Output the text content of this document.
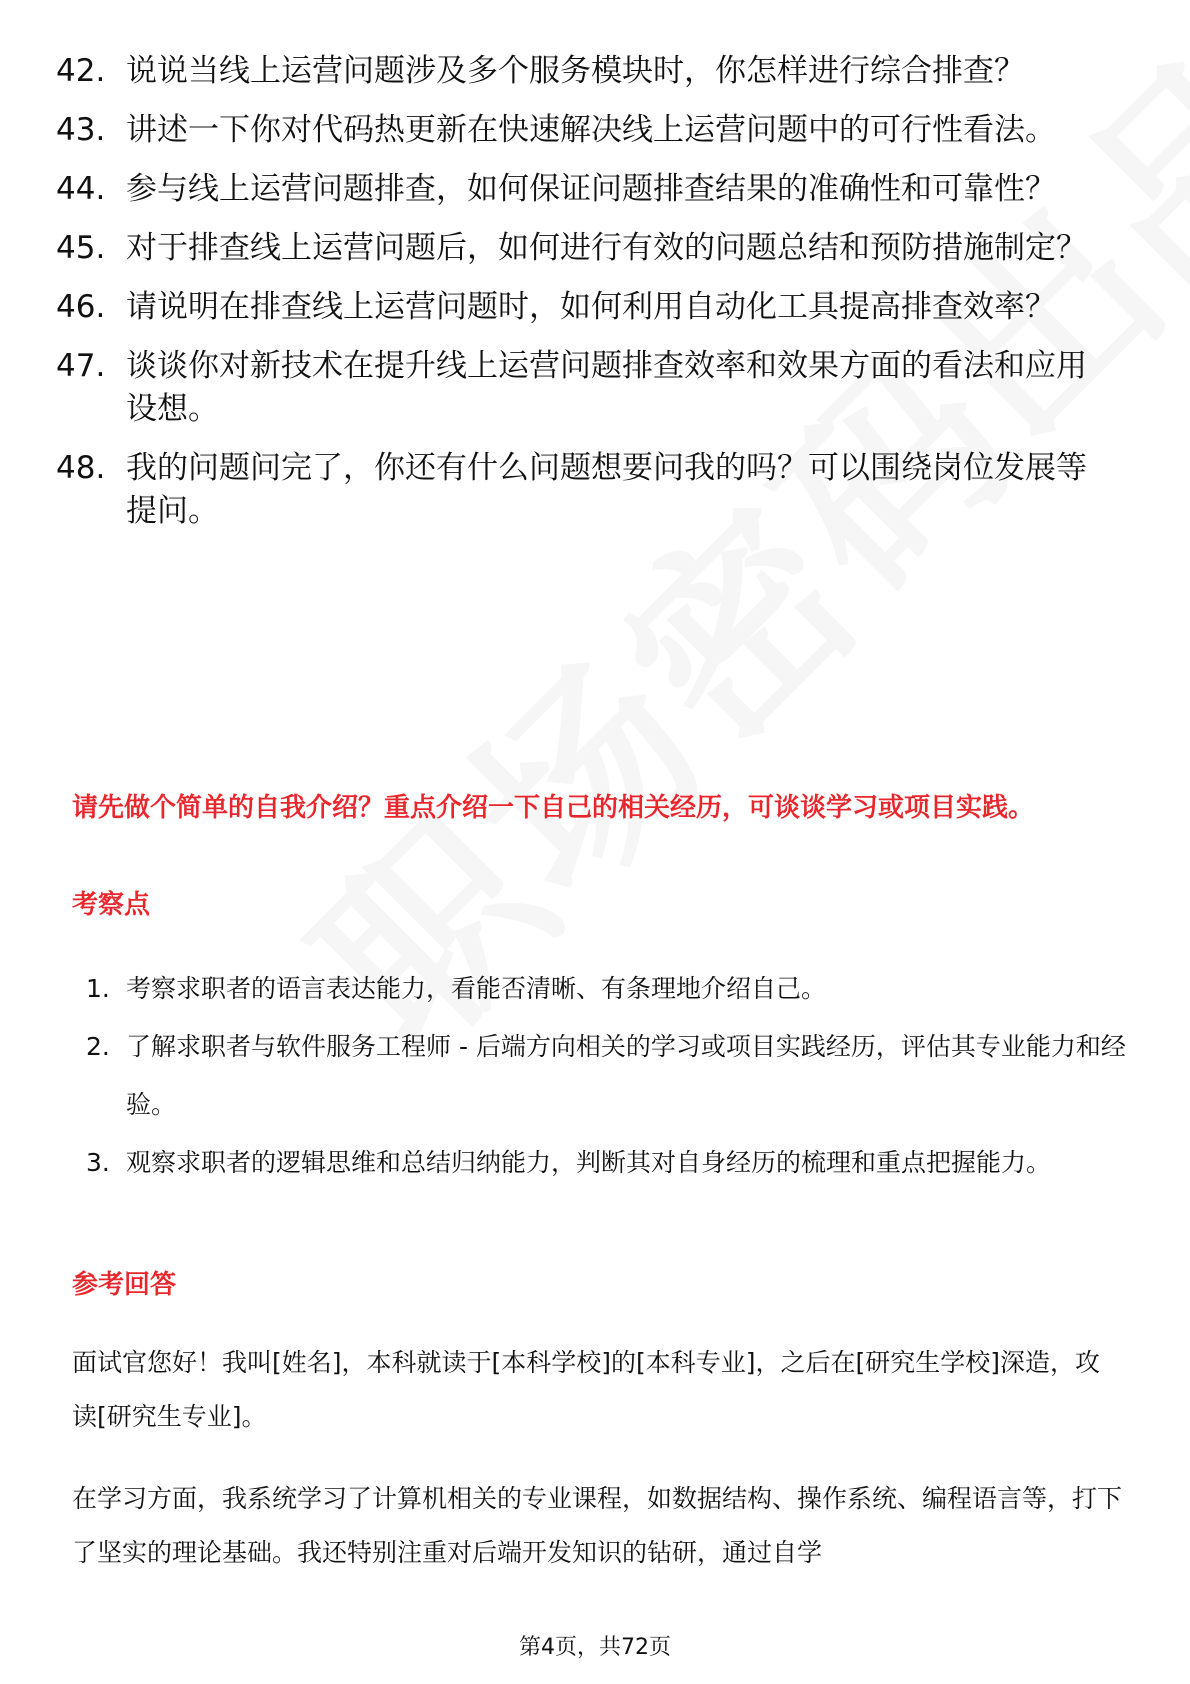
42. 说说当线上运营问题涉及多个服务模块时，你怎样进行综合排查？
43. 讲述一下你对代码热更新在快速解决线上运营问题中的可行性看法。
44. 参与线上运营问题排查，如何保证问题排查结果的准确性和可靠性？
45. 对于排查线上运营问题后，如何进行有效的问题总结和预防措施制定？
46. 请说明在排查线上运营问题时，如何利用自动化工具提高排查效率？
47. 谈谈你对新技术在提升线上运营问题排查效率和效果方面的看法和应用设想。
48. 我的问题问完了，你还有什么问题想要问我的吗？可以围绕岗位发展等提问。
请先做个简单的自我介绍？重点介绍一下自己的相关经历，可谈谈学习或项目实践。
考察点
1. 考察求职者的语言表达能力，看能否清晰、有条理地介绍自己。
2. 了解求职者与软件服务工程师 - 后端方向相关的学习或项目实践经历，评估其专业能力和经验。
3. 观察求职者的逻辑思维和总结归纳能力，判断其对自身经历的梳理和重点把握能力。
参考回答

面试官您好！我叫[姓名]，本科就读于[本科学校]的[本科专业]，之后在[研究生学校]深造，攻读[研究生专业]。

在学习方面，我系统学习了计算机相关的专业课程，如数据结构、操作系统、编程语言等，打下了坚实的理论基础。我还特别注重对后端开发知识的钻研，通过自学

第4页，共72页
